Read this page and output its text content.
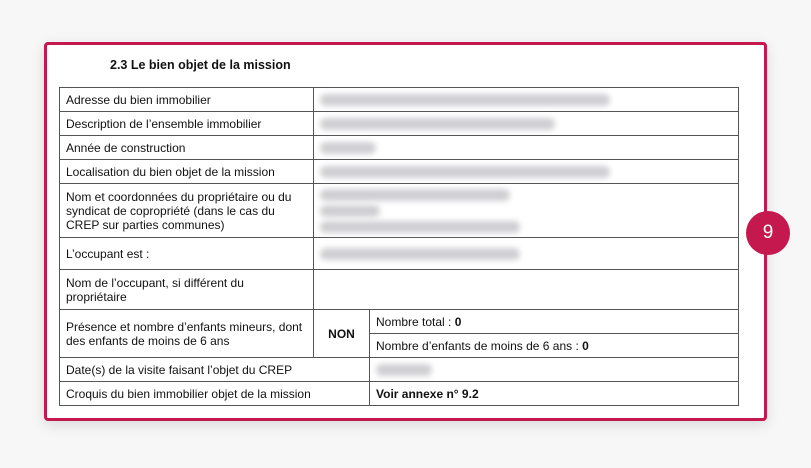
2.3 Le bien objet de la mission
Adresse du bien immobilier		

Description de l’ensemble immobilier		

Année de construction		

Localisation du bien objet de la mission		

Nom et coordonnées du propriétaire ou du syndicat de copropriété (dans le cas du CREP sur parties communes)		

L’occupant est :		

Nom de l’occupant, si différent du propriétaire		
Présence et nombre d’enfants mineurs, dont des enfants de moins de 6 ans	NON	Nombre total : 0
		Nombre d’enfants de moins de 6 ans : 0
Date(s) de la visite faisant l’objet du CREP		

Croquis du bien immobilier objet de la mission		Voir annexe n° 9.2
9
